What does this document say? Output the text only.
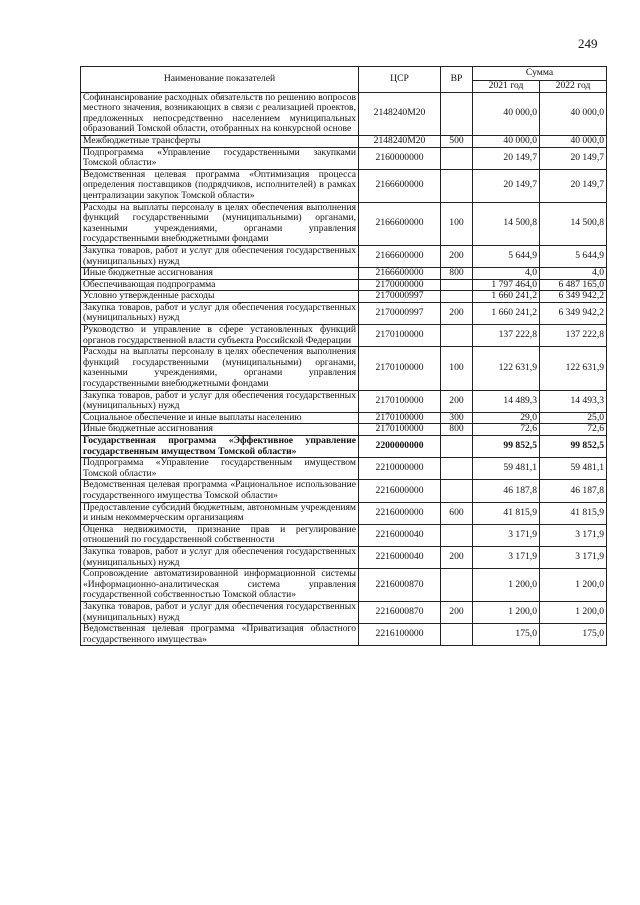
249
Наименование показателей	ЦСР	ВР	Сумма	
			2021 год	2022 год
Софинансирование расходных обязательств по решению вопросов местного значения, возникающих в связи с реализацией проектов, предложенных непосредственно населением муниципальных образований Томской области, отобранных на конкурсной основе	2148240М20		40 000,0	40 000,0
Межбюджетные трансферты	2148240М20	500	40 000,0	40 000,0
Подпрограмма «Управление государственными закупками Томской области»	2160000000		20 149,7	20 149,7
Ведомственная целевая программа «Оптимизация процесса определения поставщиков (подрядчиков, исполнителей) в рамках централизации закупок Томской области»	2166600000		20 149,7	20 149,7
Расходы на выплаты персоналу в целях обеспечения выполнения функций государственными (муниципальными) органами, казенными учреждениями, органами управления государственными внебюджетными фондами	2166600000	100	14 500,8	14 500,8
Закупка товаров, работ и услуг для обеспечения государственных (муниципальных) нужд	2166600000	200	5 644,9	5 644,9
Иные бюджетные ассигнования	2166600000	800	4,0	4,0
Обеспечивающая подпрограмма	2170000000		1 797 464,0	6 487 165,0
Условно утвержденные расходы	2170000997		1 660 241,2	6 349 942,2
Закупка товаров, работ и услуг для обеспечения государственных (муниципальных) нужд	2170000997	200	1 660 241,2	6 349 942,2
Руководство и управление в сфере установленных функций органов государственной власти субъекта Российской Федерации	2170100000		137 222,8	137 222,8
Расходы на выплаты персоналу в целях обеспечения выполнения функций государственными (муниципальными) органами, казенными учреждениями, органами управления государственными внебюджетными фондами	2170100000	100	122 631,9	122 631,9
Закупка товаров, работ и услуг для обеспечения государственных (муниципальных) нужд	2170100000	200	14 489,3	14 493,3
Социальное обеспечение и иные выплаты населению	2170100000	300	29,0	25,0
Иные бюджетные ассигнования	2170100000	800	72,6	72,6
Государственная программа «Эффективное управление государственным имуществом Томской области»	2200000000		99 852,5	99 852,5
Подпрограмма «Управление государственным имуществом Томской области»	2210000000		59 481,1	59 481,1
Ведомственная целевая программа «Рациональное использование государственного имущества Томской области»	2216000000		46 187,8	46 187,8
Предоставление субсидий бюджетным, автономным учреждениям и иным некоммерческим организациям	2216000000	600	41 815,9	41 815,9
Оценка недвижимости, признание прав и регулирование отношений по государственной собственности	2216000040		3 171,9	3 171,9
Закупка товаров, работ и услуг для обеспечения государственных (муниципальных) нужд	2216000040	200	3 171,9	3 171,9
Сопровождение автоматизированной информационной системы «Информационно-аналитическая система управления государственной собственностью Томской области»	2216000870		1 200,0	1 200,0
Закупка товаров, работ и услуг для обеспечения государственных (муниципальных) нужд	2216000870	200	1 200,0	1 200,0
Ведомственная целевая программа «Приватизация областного государственного имущества»	2216100000		175,0	175,0
